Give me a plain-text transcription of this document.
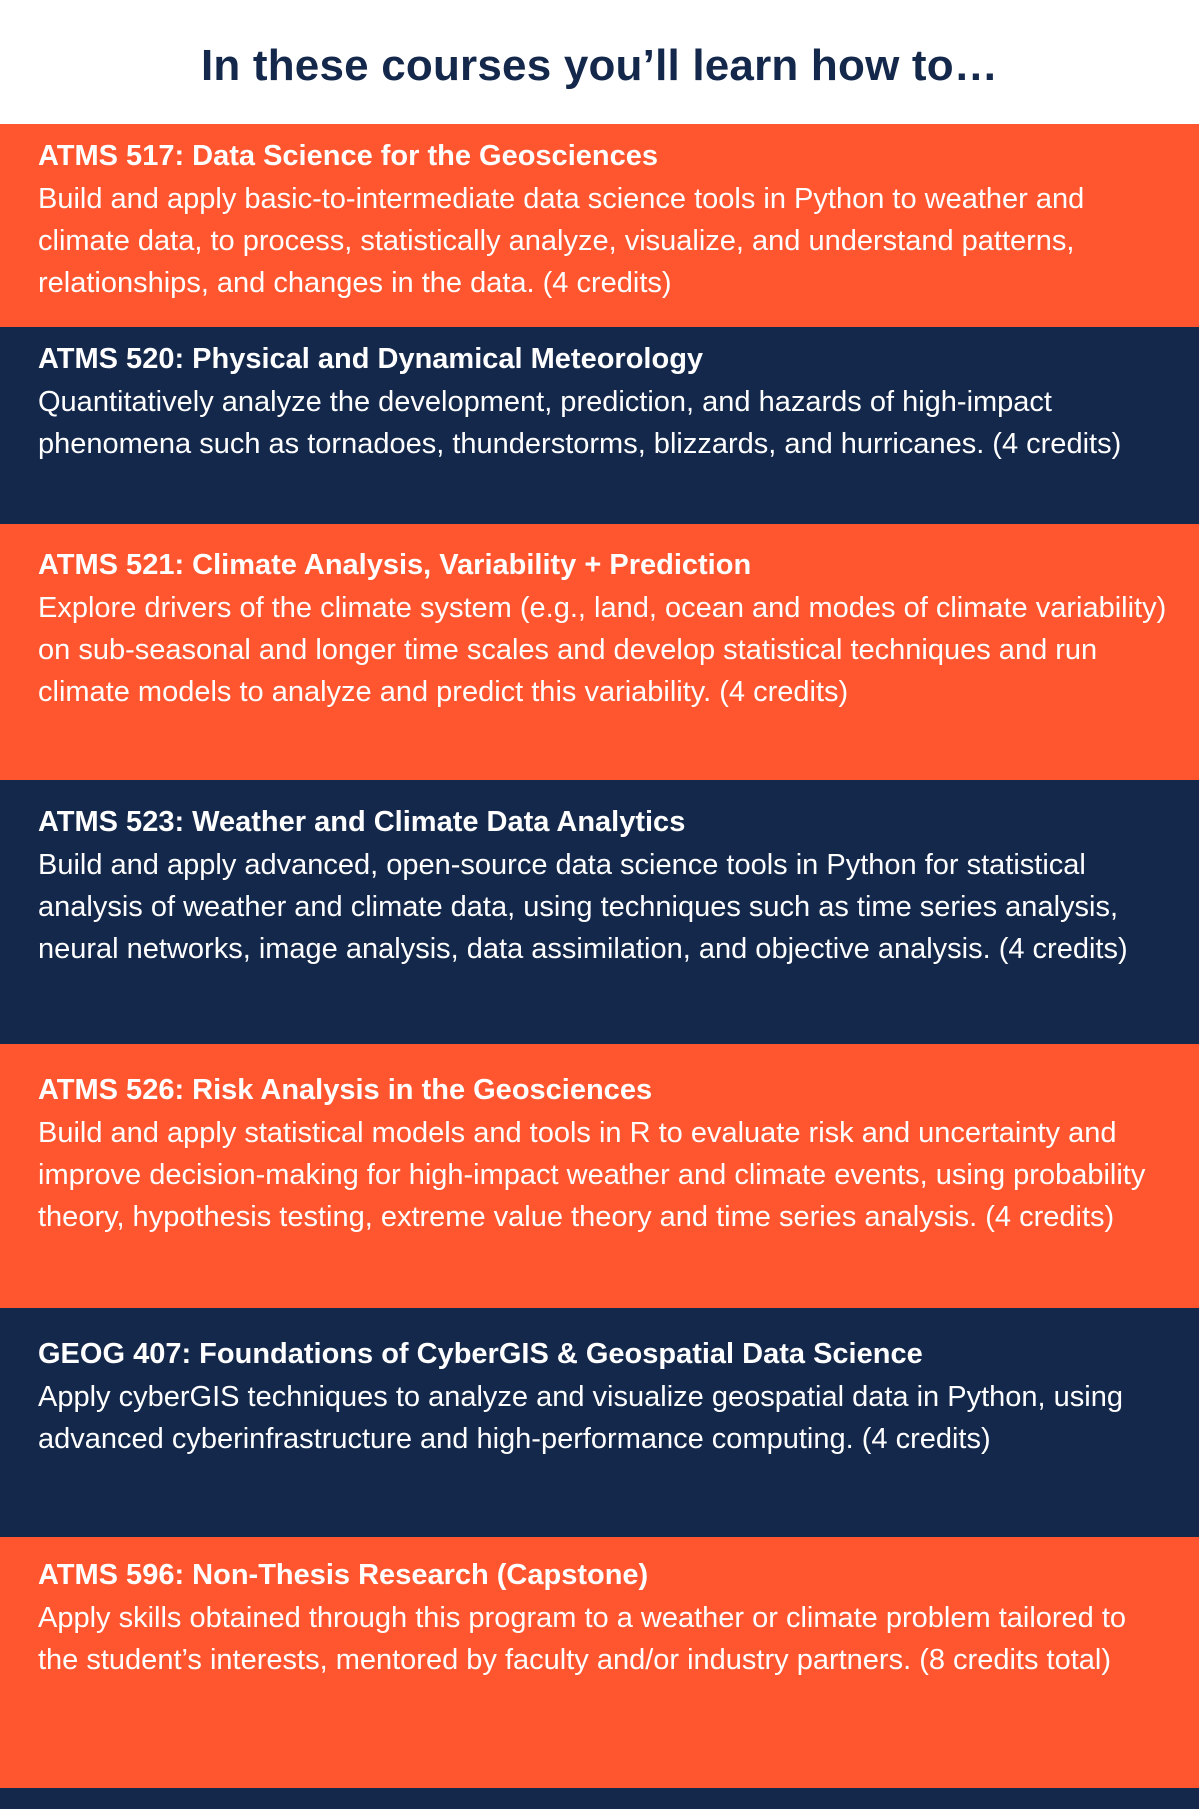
In these courses you’ll learn how to…
ATMS 517: Data Science for the Geosciences
Build and apply basic-to-intermediate data science tools in Python to weather and climate data, to process, statistically analyze, visualize, and understand patterns, relationships, and changes in the data. (4 credits)
ATMS 520: Physical and Dynamical Meteorology
Quantitatively analyze the development, prediction, and hazards of high-impact phenomena such as tornadoes, thunderstorms, blizzards, and hurricanes. (4 credits)
ATMS 521: Climate Analysis, Variability + Prediction
Explore drivers of the climate system (e.g., land, ocean and modes of climate variability) on sub-seasonal and longer time scales and develop statistical techniques and run climate models to analyze and predict this variability. (4 credits)
ATMS 523: Weather and Climate Data Analytics
Build and apply advanced, open-source data science tools in Python for statistical analysis of weather and climate data, using techniques such as time series analysis, neural networks, image analysis, data assimilation, and objective analysis. (4 credits)
ATMS 526: Risk Analysis in the Geosciences
Build and apply statistical models and tools in R to evaluate risk and uncertainty and improve decision-making for high-impact weather and climate events, using probability theory, hypothesis testing, extreme value theory and time series analysis. (4 credits)
GEOG 407: Foundations of CyberGIS & Geospatial Data Science
Apply cyberGIS techniques to analyze and visualize geospatial data in Python, using advanced cyberinfrastructure and high-performance computing. (4 credits)
ATMS 596: Non-Thesis Research (Capstone)
Apply skills obtained through this program to a weather or climate problem tailored to the student’s interests, mentored by faculty and/or industry partners. (8 credits total)
